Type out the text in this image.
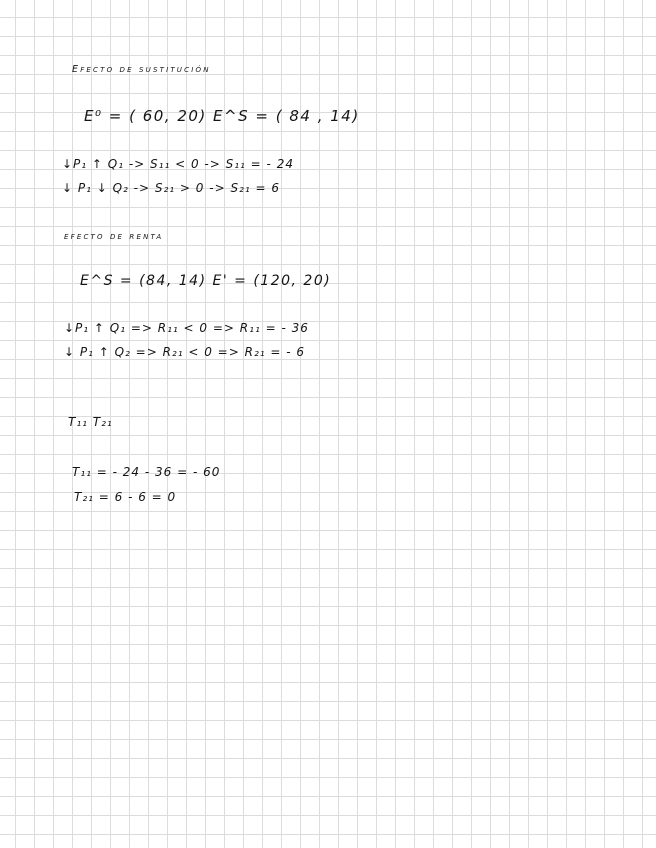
Efecto de sustitución
E⁰ = ( 60, 20) E^S = ( 84 , 14)
↓P₁ ↑ Q₁ -> S₁₁ < 0 -> S₁₁ = - 24
↓ P₁ ↓ Q₂ -> S₂₁ > 0 -> S₂₁ = 6
efecto de renta
E^S = (84, 14) E' = (120, 20)
↓P₁ ↑ Q₁ => R₁₁ < 0 => R₁₁ = - 36
↓ P₁ ↑ Q₂ => R₂₁ < 0 => R₂₁ = - 6
T₁₁ T₂₁
T₁₁ = - 24 - 36 = - 60
T₂₁ = 6 - 6 = 0
